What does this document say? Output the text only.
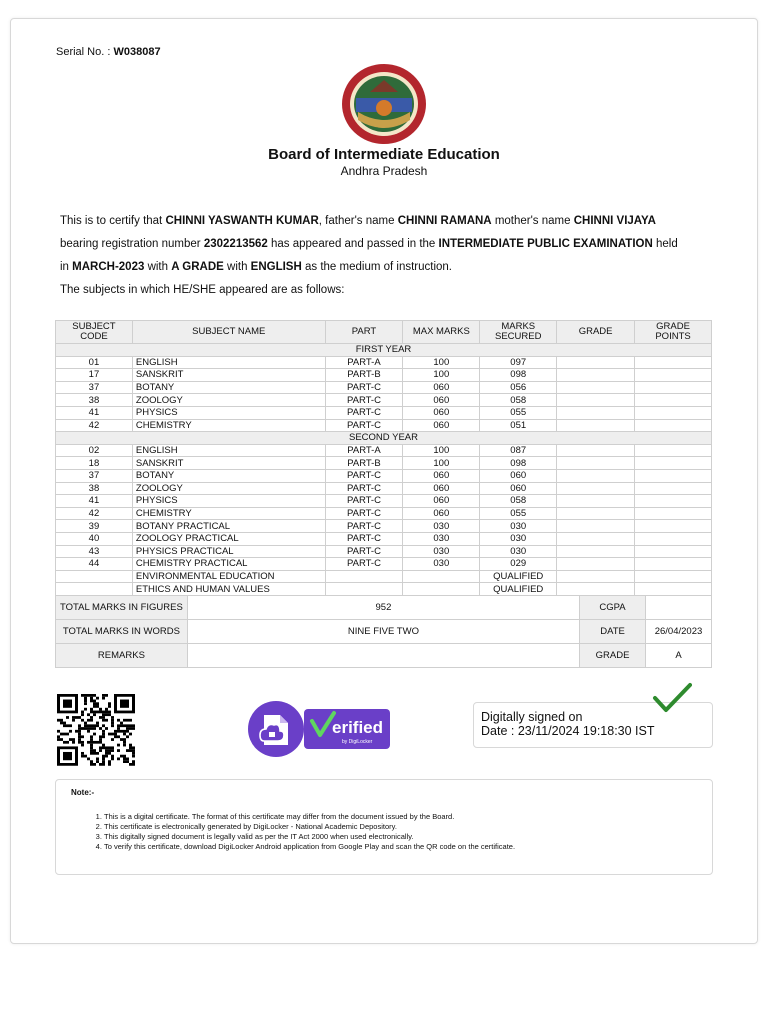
Serial No. : W038087
Board of Intermediate Education
Andhra Pradesh
This is to certify that CHINNI YASWANTH KUMAR, father's name CHINNI RAMANA mother's name CHINNI VIJAYA
bearing registration number 2302213562 has appeared and passed in the INTERMEDIATE PUBLIC EXAMINATION held
in MARCH-2023 with A GRADE with ENGLISH as the medium of instruction.
The subjects in which HE/SHE appeared are as follows:
SUBJECT CODE	SUBJECT NAME	PART	MAX MARKS	MARKS SECURED	GRADE	GRADE POINTS
FIRST YEAR						
01	ENGLISH	PART-A	100	097		
17	SANSKRIT	PART-B	100	098		
37	BOTANY	PART-C	060	056		
38	ZOOLOGY	PART-C	060	058		
41	PHYSICS	PART-C	060	055		
42	CHEMISTRY	PART-C	060	051		
SECOND YEAR						
02	ENGLISH	PART-A	100	087		
18	SANSKRIT	PART-B	100	098		
37	BOTANY	PART-C	060	060		
38	ZOOLOGY	PART-C	060	060		
41	PHYSICS	PART-C	060	058		
42	CHEMISTRY	PART-C	060	055		
39	BOTANY PRACTICAL	PART-C	030	030		
40	ZOOLOGY PRACTICAL	PART-C	030	030		
43	PHYSICS PRACTICAL	PART-C	030	030		
44	CHEMISTRY PRACTICAL	PART-C	030	029		
	ENVIRONMENTAL EDUCATION			QUALIFIED		
	ETHICS AND HUMAN VALUES			QUALIFIED		
TOTAL MARKS IN FIGURES	952	CGPA	
TOTAL MARKS IN WORDS	NINE FIVE TWO	DATE	26/04/2023
REMARKS		GRADE	A
erified
by DigiLocker
Digitally signed on
Date : 23/11/2024 19:18:30 IST
Note:-
1. This is a digital certificate. The format of this certificate may differ from the document issued by the Board.
2. This certificate is electronically generated by DigiLocker - National Academic Depository.
3. This digitally signed document is legally valid as per the IT Act 2000 when used electronically.
4. To verify this certificate, download DigiLocker Android application from Google Play and scan the QR code on the certificate.
